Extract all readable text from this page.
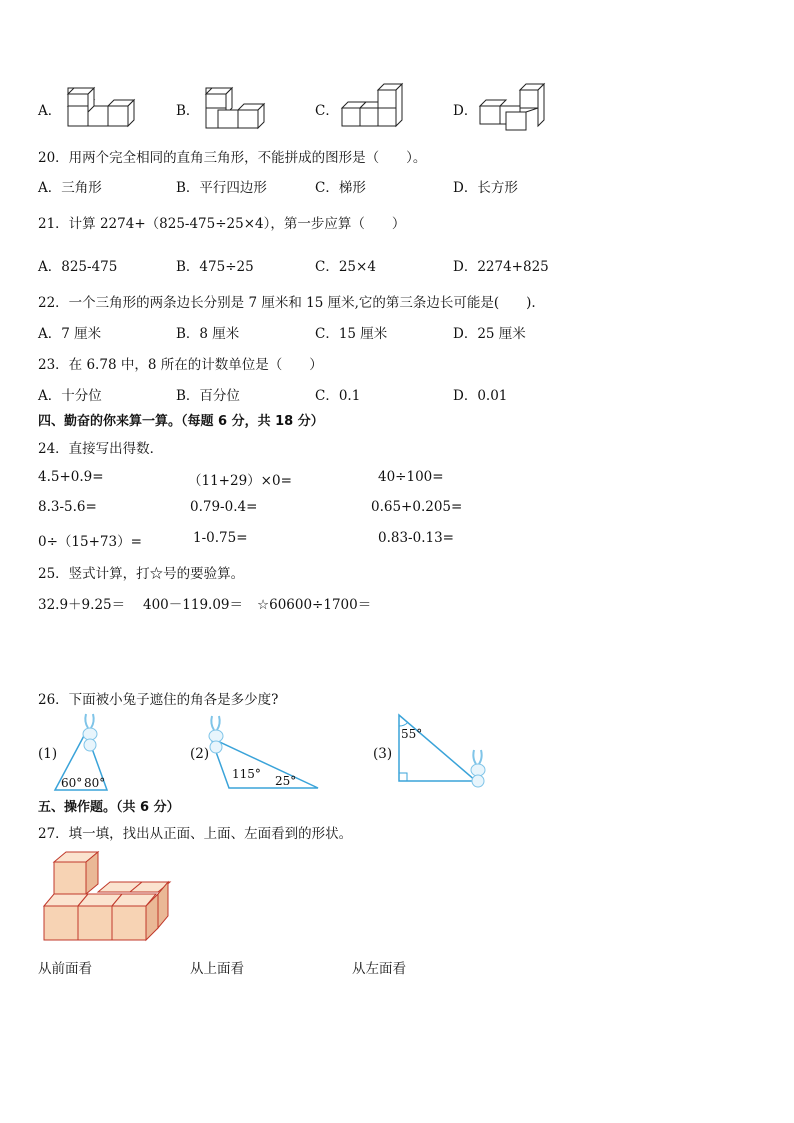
A．	B．	C．	D．
20．用两个完全相同的直角三角形，不能拼成的图形是（　　）。
A．三角形	B．平行四边形	C．梯形	D．长方形
21．计算 2274+（825-475÷25×4），第一步应算（　　）
A．825-475	B．475÷25	C．25×4	D．2274+825
22．一个三角形的两条边长分别是 7 厘米和 15 厘米,它的第三条边长可能是(　　).
A．7 厘米	B．8 厘米	C．15 厘米	D．25 厘米
23．在 6.78 中，8 所在的计数单位是（　　）
A．十分位	B．百分位	C．0.1	D．0.01
四、勤奋的你来算一算。（每题 6 分，共 18 分）
24．直接写出得数．
4.5+0.9=	（11+29）×0=	40÷100=
8.3-5.6=	0.79-0.4=	0.65+0.205=
0÷（15+73）=	1-0.75=	0.83-0.13=
25．竖式计算，打☆号的要验算。
32.9＋9.25＝ 400－119.09＝ ☆60600÷1700＝
26．下面被小兔子遮住的角各是多少度?
(1)	(2)	(3)
60° 80°
115° 25°
55°
五、操作题。（共 6 分）
27．填一填，找出从正面、上面、左面看到的形状。
从前面看	从上面看	从左面看
